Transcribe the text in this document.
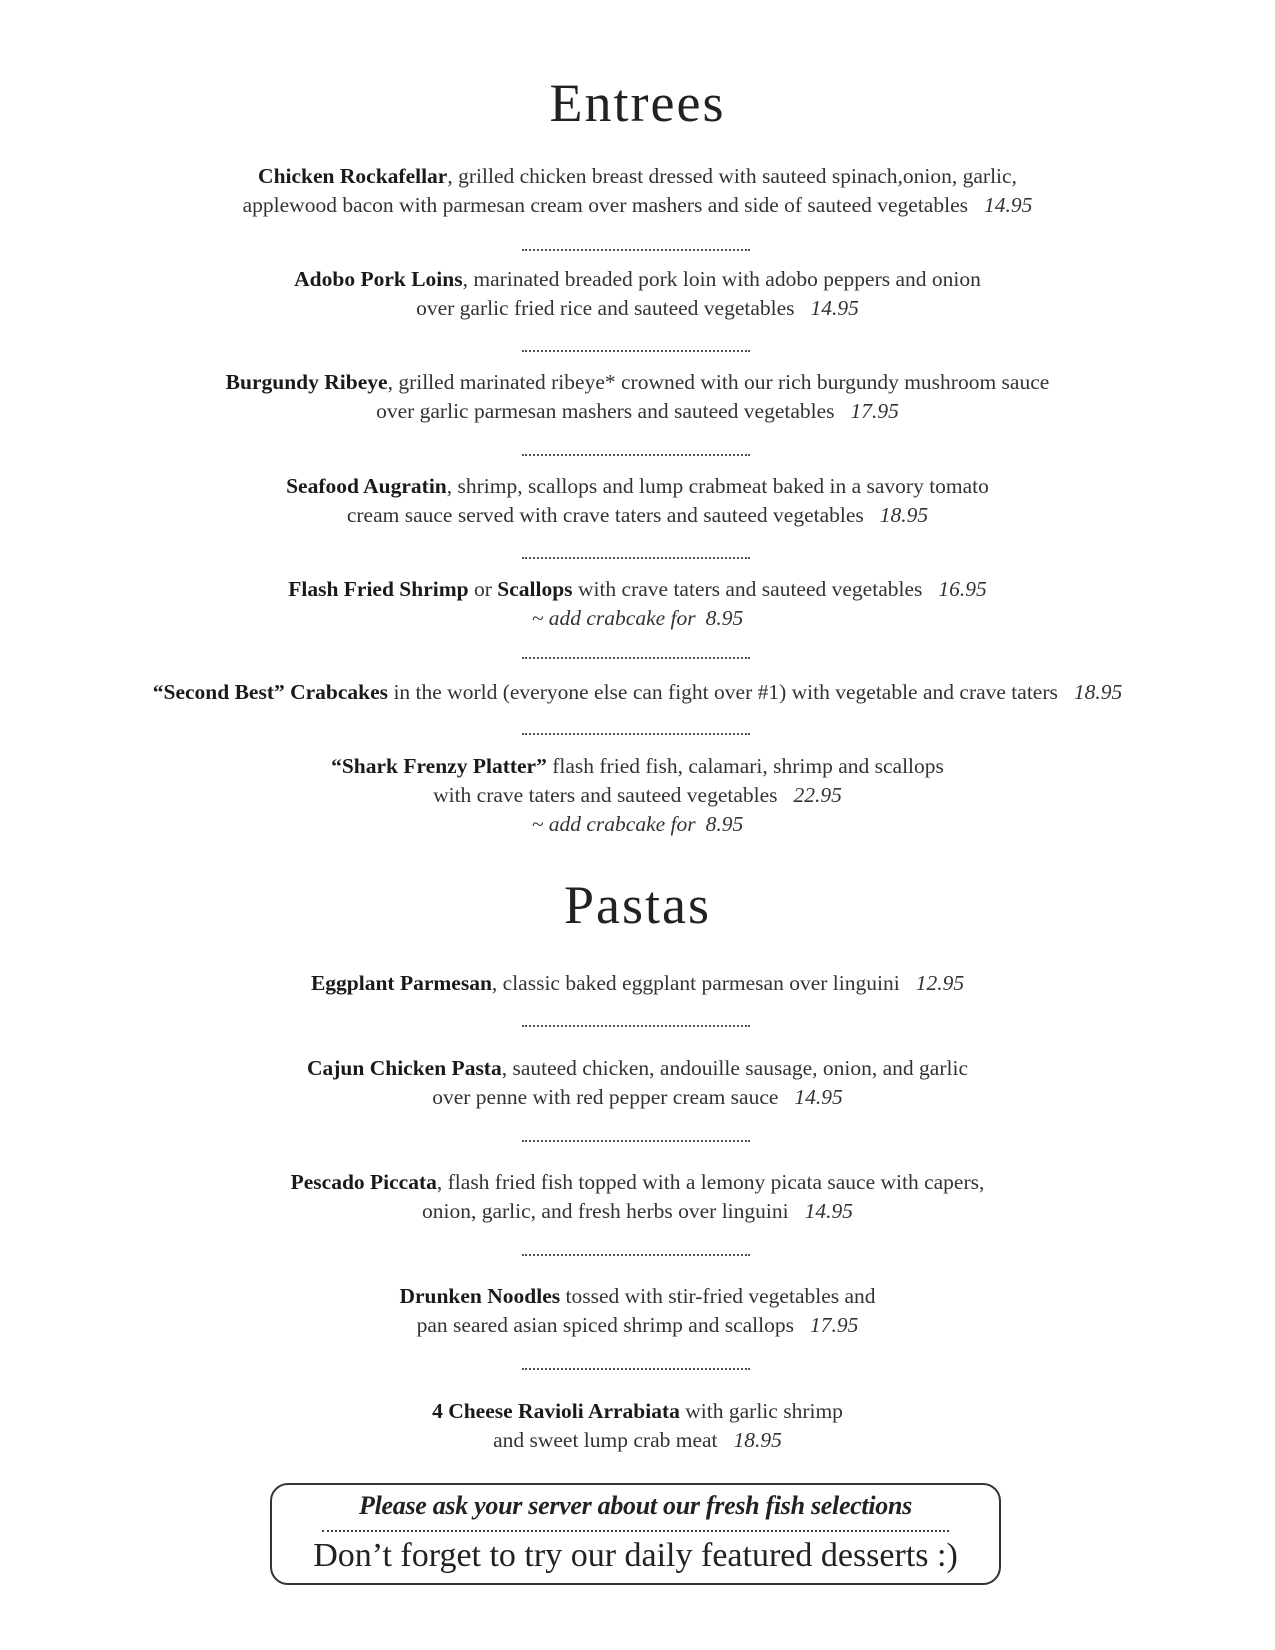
Entrees
Chicken Rockafellar, grilled chicken breast dressed with sauteed spinach,onion, garlic,
applewood bacon with parmesan cream over mashers and side of sauteed vegetables 14.95
Adobo Pork Loins, marinated breaded pork loin with adobo peppers and onion
over garlic fried rice and sauteed vegetables 14.95
Burgundy Ribeye, grilled marinated ribeye* crowned with our rich burgundy mushroom sauce
over garlic parmesan mashers and sauteed vegetables 17.95
Seafood Augratin, shrimp, scallops and lump crabmeat baked in a savory tomato
cream sauce served with crave taters and sauteed vegetables 18.95
Flash Fried Shrimp or Scallops with crave taters and sauteed vegetables 16.95
~ add crabcake for 8.95
“Second Best” Crabcakes in the world (everyone else can fight over #1) with vegetable and crave taters 18.95
“Shark Frenzy Platter” flash fried fish, calamari, shrimp and scallops
with crave taters and sauteed vegetables 22.95
~ add crabcake for 8.95
Pastas
Eggplant Parmesan, classic baked eggplant parmesan over linguini 12.95
Cajun Chicken Pasta, sauteed chicken, andouille sausage, onion, and garlic
over penne with red pepper cream sauce 14.95
Pescado Piccata, flash fried fish topped with a lemony picata sauce with capers,
onion, garlic, and fresh herbs over linguini 14.95
Drunken Noodles tossed with stir-fried vegetables and
pan seared asian spiced shrimp and scallops 17.95
4 Cheese Ravioli Arrabiata with garlic shrimp
and sweet lump crab meat 18.95
Please ask your server about our fresh fish selections
Don’t forget to try our daily featured desserts :)
